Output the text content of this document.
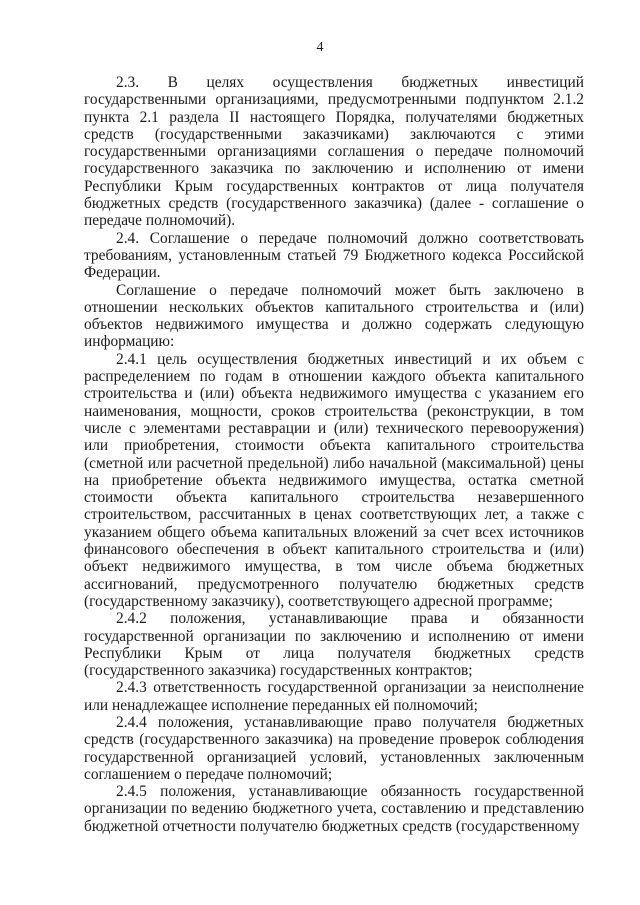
4

2.3. В целях осуществления бюджетных инвестиций государственными организациями, предусмотренными подпунктом 2.1.2 пункта 2.1 раздела II настоящего Порядка, получателями бюджетных средств (государственными заказчиками) заключаются с этими государственными организациями соглашения о передаче полномочий государственного заказчика по заключению и исполнению от имени Республики Крым государственных контрактов от лица получателя бюджетных средств (государственного заказчика) (далее - соглашение о передаче полномочий).

2.4. Соглашение о передаче полномочий должно соответствовать требованиям, установленным статьей 79 Бюджетного кодекса Российской Федерации.

Соглашение о передаче полномочий может быть заключено в отношении нескольких объектов капитального строительства и (или) объектов недвижимого имущества и должно содержать следующую информацию:

2.4.1 цель осуществления бюджетных инвестиций и их объем с распределением по годам в отношении каждого объекта капитального строительства и (или) объекта недвижимого имущества с указанием его наименования, мощности, сроков строительства (реконструкции, в том числе с элементами реставрации и (или) технического перевооружения) или приобретения, стоимости объекта капитального строительства (сметной или расчетной предельной) либо начальной (максимальной) цены на приобретение объекта недвижимого имущества, остатка сметной стоимости объекта капитального строительства незавершенного строительством, рассчитанных в ценах соответствующих лет, а также с указанием общего объема капитальных вложений за счет всех источников финансового обеспечения в объект капитального строительства и (или) объект недвижимого имущества, в том числе объема бюджетных ассигнований, предусмотренного получателю бюджетных средств (государственному заказчику), соответствующего адресной программе;

2.4.2 положения, устанавливающие права и обязанности государственной организации по заключению и исполнению от имени Республики Крым от лица получателя бюджетных средств (государственного заказчика) государственных контрактов;

2.4.3 ответственность государственной организации за неисполнение или ненадлежащее исполнение переданных ей полномочий;

2.4.4 положения, устанавливающие право получателя бюджетных средств (государственного заказчика) на проведение проверок соблюдения государственной организацией условий, установленных заключенным соглашением о передаче полномочий;

2.4.5 положения, устанавливающие обязанность государственной организации по ведению бюджетного учета, составлению и представлению бюджетной отчетности получателю бюджетных средств (государственному
